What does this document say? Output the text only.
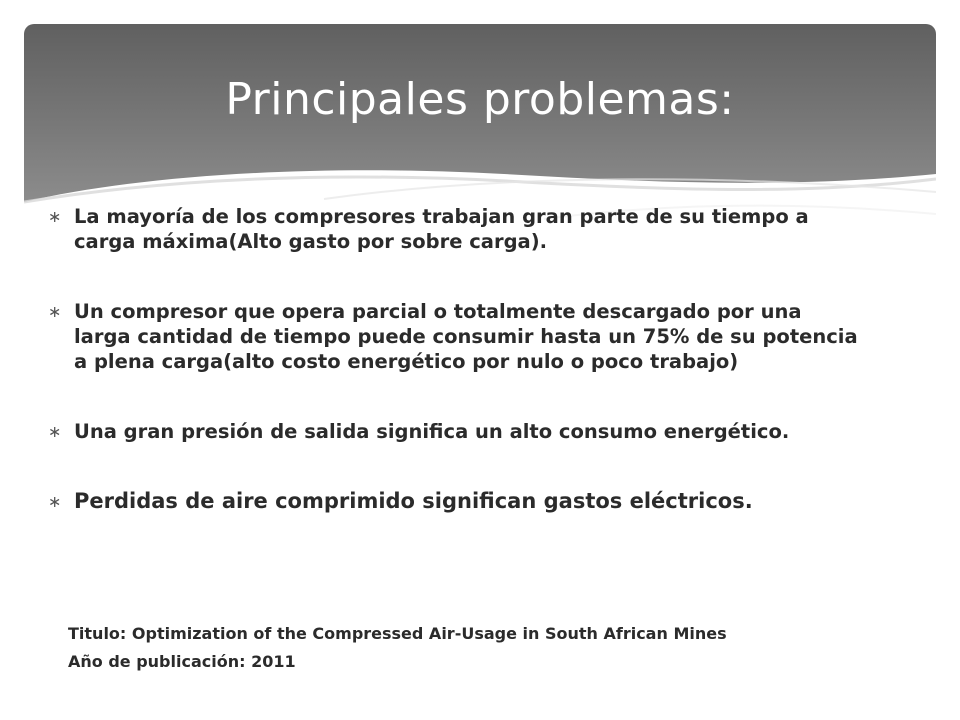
Principales problemas:
∗ La mayoría de los compresores trabajan gran parte de su tiempo a carga máxima(Alto gasto por sobre carga).
∗ Un compresor que opera parcial o totalmente descargado por una larga cantidad de tiempo puede consumir hasta un 75% de su potencia a plena carga(alto costo energético por nulo o poco trabajo)
∗ Una gran presión de salida significa un alto consumo energético.
∗ Perdidas de aire comprimido significan gastos eléctricos.

Titulo: Optimization of the Compressed Air-Usage in South African Mines

Año de publicación: 2011
